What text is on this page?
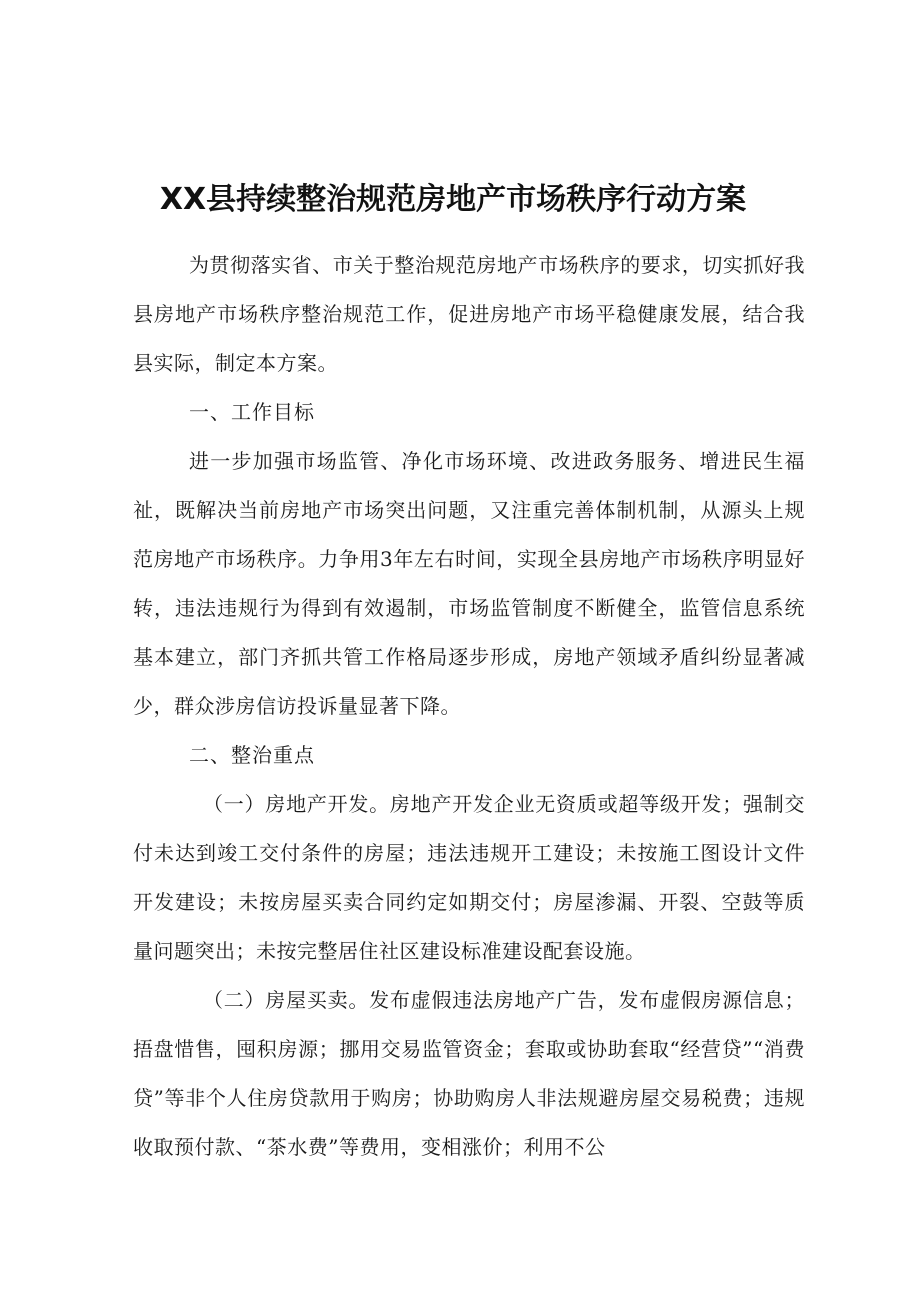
XX县持续整治规范房地产市场秩序行动方案

为贯彻落实省、市关于整治规范房地产市场秩序的要求，切实抓好我县房地产市场秩序整治规范工作，促进房地产市场平稳健康发展，结合我县实际，制定本方案。

一、工作目标

进一步加强市场监管、净化市场环境、改进政务服务、增进民生福祉，既解决当前房地产市场突出问题，又注重完善体制机制，从源头上规范房地产市场秩序。力争用3年左右时间，实现全县房地产市场秩序明显好转，违法违规行为得到有效遏制，市场监管制度不断健全，监管信息系统基本建立，部门齐抓共管工作格局逐步形成，房地产领域矛盾纠纷显著减少，群众涉房信访投诉量显著下降。

二、整治重点

（一）房地产开发。房地产开发企业无资质或超等级开发；强制交付未达到竣工交付条件的房屋；违法违规开工建设；未按施工图设计文件开发建设；未按房屋买卖合同约定如期交付；房屋渗漏、开裂、空鼓等质量问题突出；未按完整居住社区建设标准建设配套设施。

（二）房屋买卖。发布虚假违法房地产广告，发布虚假房源信息；捂盘惜售，囤积房源；挪用交易监管资金；套取或协助套取“经营贷”“消费贷”等非个人住房贷款用于购房；协助购房人非法规避房屋交易税费；违规收取预付款、“茶水费”等费用，变相涨价；利用不公
